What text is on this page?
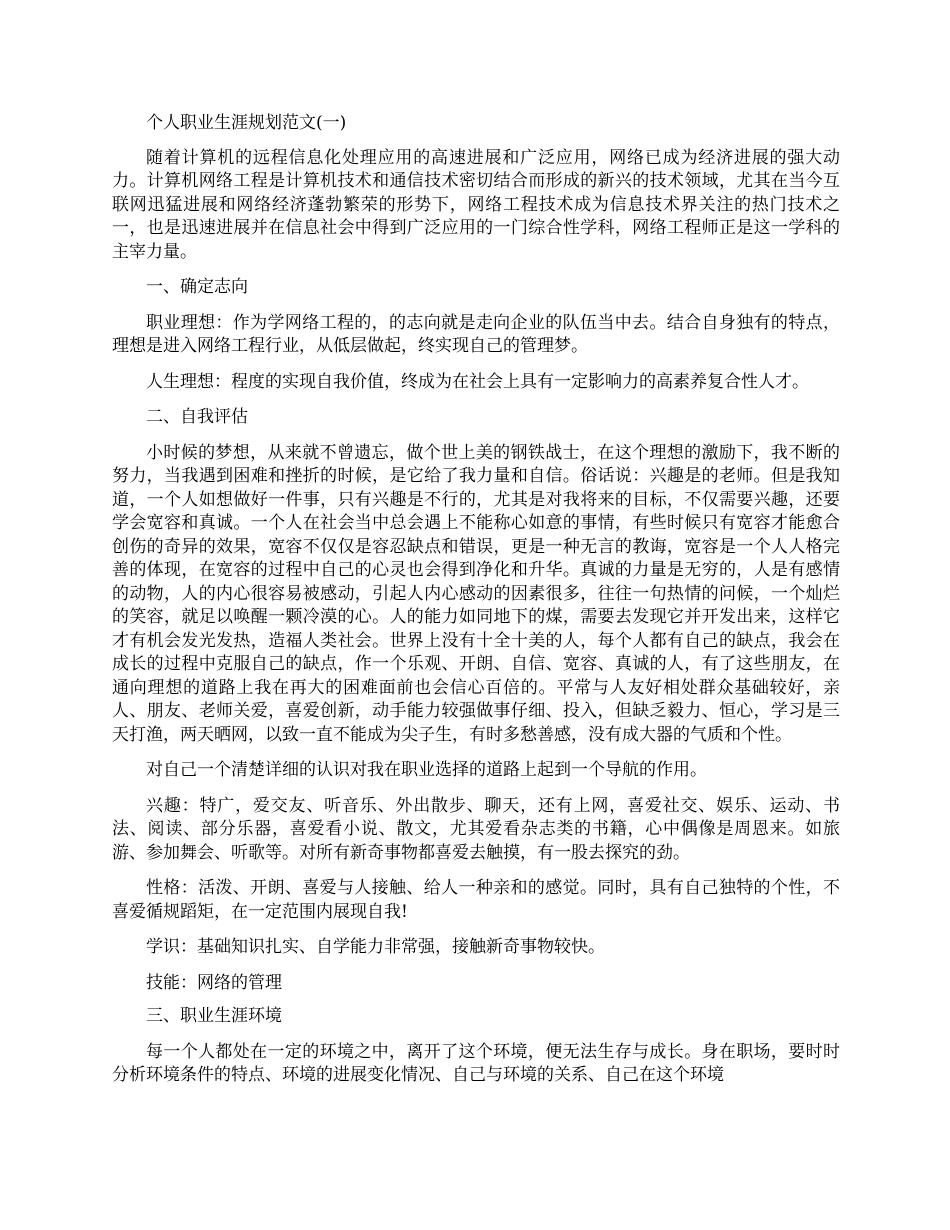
个人职业生涯规划范文(一)

随着计算机的远程信息化处理应用的高速进展和广泛应用，网络已成为经济进展的强大动力。计算机网络工程是计算机技术和通信技术密切结合而形成的新兴的技术领域，尤其在当今互联网迅猛进展和网络经济蓬勃繁荣的形势下，网络工程技术成为信息技术界关注的热门技术之一，也是迅速进展并在信息社会中得到广泛应用的一门综合性学科，网络工程师正是这一学科的主宰力量。

一、确定志向

职业理想：作为学网络工程的，的志向就是走向企业的队伍当中去。结合自身独有的特点，理想是进入网络工程行业，从低层做起，终实现自己的管理梦。

人生理想：程度的实现自我价值，终成为在社会上具有一定影响力的高素养复合性人才。

二、自我评估

小时候的梦想，从来就不曾遗忘，做个世上美的钢铁战士，在这个理想的激励下，我不断的努力，当我遇到困难和挫折的时候，是它给了我力量和自信。俗话说：兴趣是的老师。但是我知道，一个人如想做好一件事，只有兴趣是不行的，尤其是对我将来的目标，不仅需要兴趣，还要学会宽容和真诚。一个人在社会当中总会遇上不能称心如意的事情，有些时候只有宽容才能愈合创伤的奇异的效果，宽容不仅仅是容忍缺点和错误，更是一种无言的教诲，宽容是一个人人格完善的体现，在宽容的过程中自己的心灵也会得到净化和升华。真诚的力量是无穷的，人是有感情的动物，人的内心很容易被感动，引起人内心感动的因素很多，往往一句热情的问候，一个灿烂的笑容，就足以唤醒一颗冷漠的心。人的能力如同地下的煤，需要去发现它并开发出来，这样它才有机会发光发热，造福人类社会。世界上没有十全十美的人，每个人都有自己的缺点，我会在成长的过程中克服自己的缺点，作一个乐观、开朗、自信、宽容、真诚的人，有了这些朋友，在通向理想的道路上我在再大的困难面前也会信心百倍的。平常与人友好相处群众基础较好，亲人、朋友、老师关爱，喜爱创新，动手能力较强做事仔细、投入，但缺乏毅力、恒心，学习是三天打渔，两天晒网，以致一直不能成为尖子生，有时多愁善感，没有成大器的气质和个性。

对自己一个清楚详细的认识对我在职业选择的道路上起到一个导航的作用。

兴趣：特广，爱交友、听音乐、外出散步、聊天，还有上网，喜爱社交、娱乐、运动、书法、阅读、部分乐器，喜爱看小说、散文，尤其爱看杂志类的书籍，心中偶像是周恩来。如旅游、参加舞会、听歌等。对所有新奇事物都喜爱去触摸，有一股去探究的劲。

性格：活泼、开朗、喜爱与人接触、给人一种亲和的感觉。同时，具有自己独特的个性，不喜爱循规蹈矩，在一定范围内展现自我!

学识：基础知识扎实、自学能力非常强，接触新奇事物较快。

技能：网络的管理

三、职业生涯环境

每一个人都处在一定的环境之中，离开了这个环境，便无法生存与成长。身在职场，要时时分析环境条件的特点、环境的进展变化情况、自己与环境的关系、自己在这个环境
